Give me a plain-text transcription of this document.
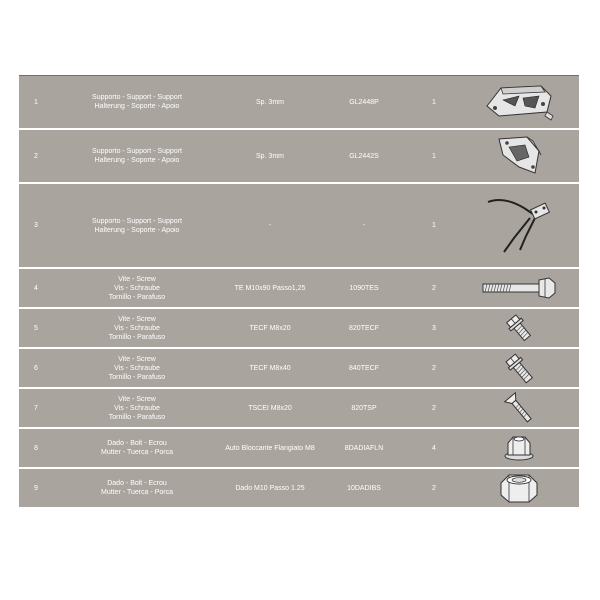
1
Supporto - Support - Support
Halterung - Soporte - Apoio
Sp. 3mm	GL2448P	1
2
Supporto - Support - Support
Halterung - Soporte - Apoio
Sp. 3mm	GL2442S	1
3
Supporto - Support - Support
Halterung - Soporte - Apoio
-	-	1
4
Vite - Screw
Vis - Schraube
Tornillo - Parafuso
TE M10x90 Passo1,25	1090TES	2
5
Vite - Screw
Vis - Schraube
Tornillo - Parafuso
TECF M8x20	820TECF	3
6
Vite - Screw
Vis - Schraube
Tornillo - Parafuso
TECF M8x40	840TECF	2
7
Vite - Screw
Vis - Schraube
Tornillo - Parafuso
TSCEI M8x20	820TSP	2
8
Dado - Bolt - Ecrou
Mutter - Tuerca - Porca
Auto Bloccante Flangiato M8	8DADIAFLN	4
9
Dado - Bolt - Ecrou
Mutter - Tuerca - Porca
Dado M10 Passo 1.25	10DADIBS	2
